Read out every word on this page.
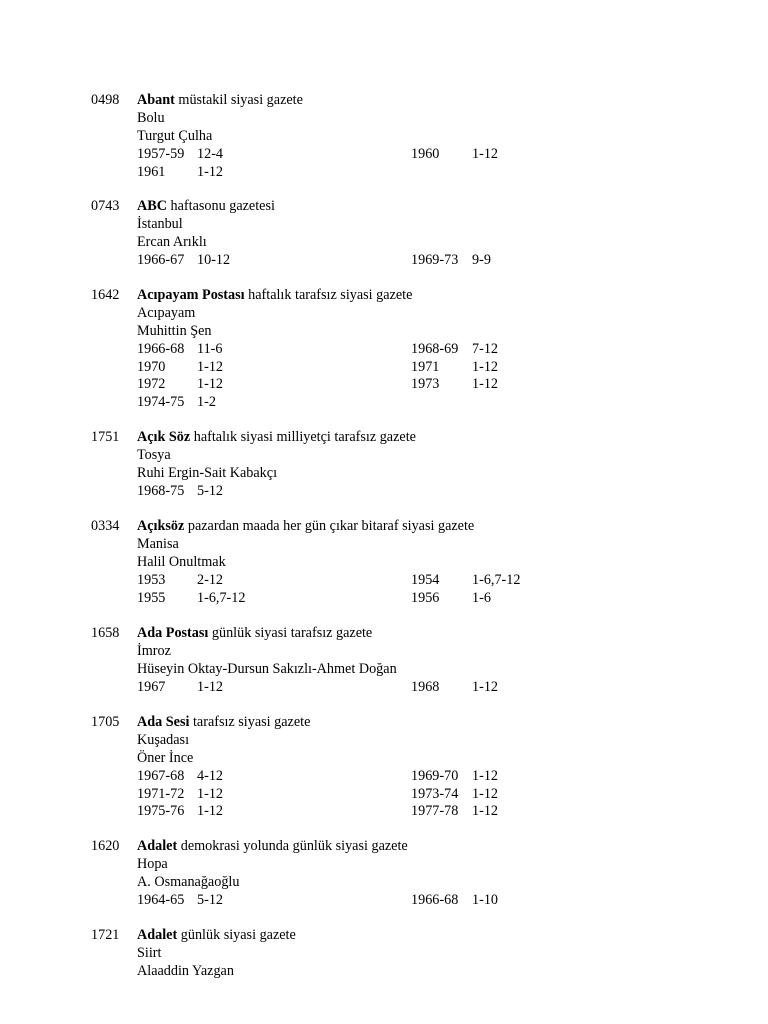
0498 Abant müstakil siyasi gazete
Bolu
Turgut Çulha
1957-59 12-4	1960 1-12
1961 1-12
0743 ABC haftasonu gazetesi
İstanbul
Ercan Arıklı
1966-67 10-12	1969-73 9-9
1642 Acıpayam Postası haftalık tarafsız siyasi gazete
Acıpayam
Muhittin Şen
1966-68 11-6	1968-69 7-12
1970 1-12	1971 1-12
1972 1-12	1973 1-12
1974-75 1-2
1751 Açık Söz haftalık siyasi milliyetçi tarafsız gazete
Tosya
Ruhi Ergin-Sait Kabakçı
1968-75 5-12
0334 Açıksöz pazardan maada her gün çıkar bitaraf siyasi gazete
Manisa
Halil Onultmak
1953 2-12	1954 1-6,7-12
1955 1-6,7-12	1956 1-6
1658 Ada Postası günlük siyasi tarafsız gazete
İmroz
Hüseyin Oktay-Dursun Sakızlı-Ahmet Doğan
1967 1-12	1968 1-12
1705 Ada Sesi tarafsız siyasi gazete
Kuşadası
Öner İnce
1967-68 4-12	1969-70 1-12
1971-72 1-12	1973-74 1-12
1975-76 1-12	1977-78 1-12
1620 Adalet demokrasi yolunda günlük siyasi gazete
Hopa
A. Osmanağaoğlu
1964-65 5-12	1966-68 1-10
1721 Adalet günlük siyasi gazete
Siirt
Alaaddin Yazgan
